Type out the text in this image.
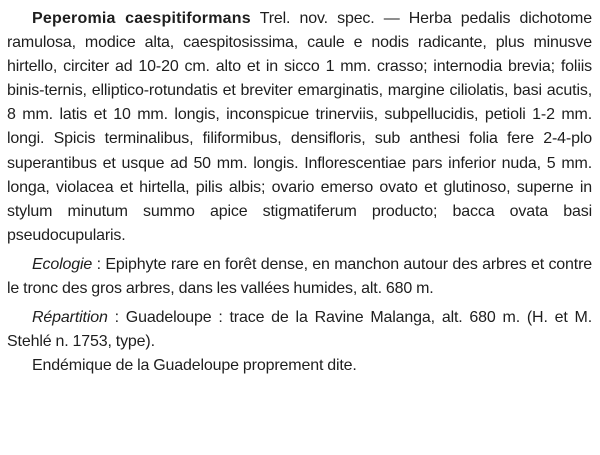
Peperomia caespitiformans Trel. nov. spec. — Herba pedalis dichotome ramulosa, modice alta, caespitosissima, caule e nodis radicante, plus minusve hirtello, circiter ad 10-20 cm. alto et in sicco 1 mm. crasso; internodia brevia; foliis binis-ternis, elliptico-rotundatis et breviter emarginatis, margine ciliolatis, basi acutis, 8 mm. latis et 10 mm. longis, inconspicue trinerviis, subpellucidis, petioli 1-2 mm. longi. Spicis terminalibus, filiformibus, densifloris, sub anthesi folia fere 2-4-plo superantibus et usque ad 50 mm. longis. Inflorescentiae pars inferior nuda, 5 mm. longa, violacea et hirtella, pilis albis; ovario emerso ovato et glutinoso, superne in stylum minutum summo apice stigmatiferum producto; bacca ovata basi pseudocupularis.

Ecologie : Epiphyte rare en forêt dense, en manchon autour des arbres et contre le tronc des gros arbres, dans les vallées humides, alt. 680 m.

Répartition : Guadeloupe : trace de la Ravine Malanga, alt. 680 m. (H. et M. Stehlé n. 1753, type).

Endémique de la Guadeloupe proprement dite.
